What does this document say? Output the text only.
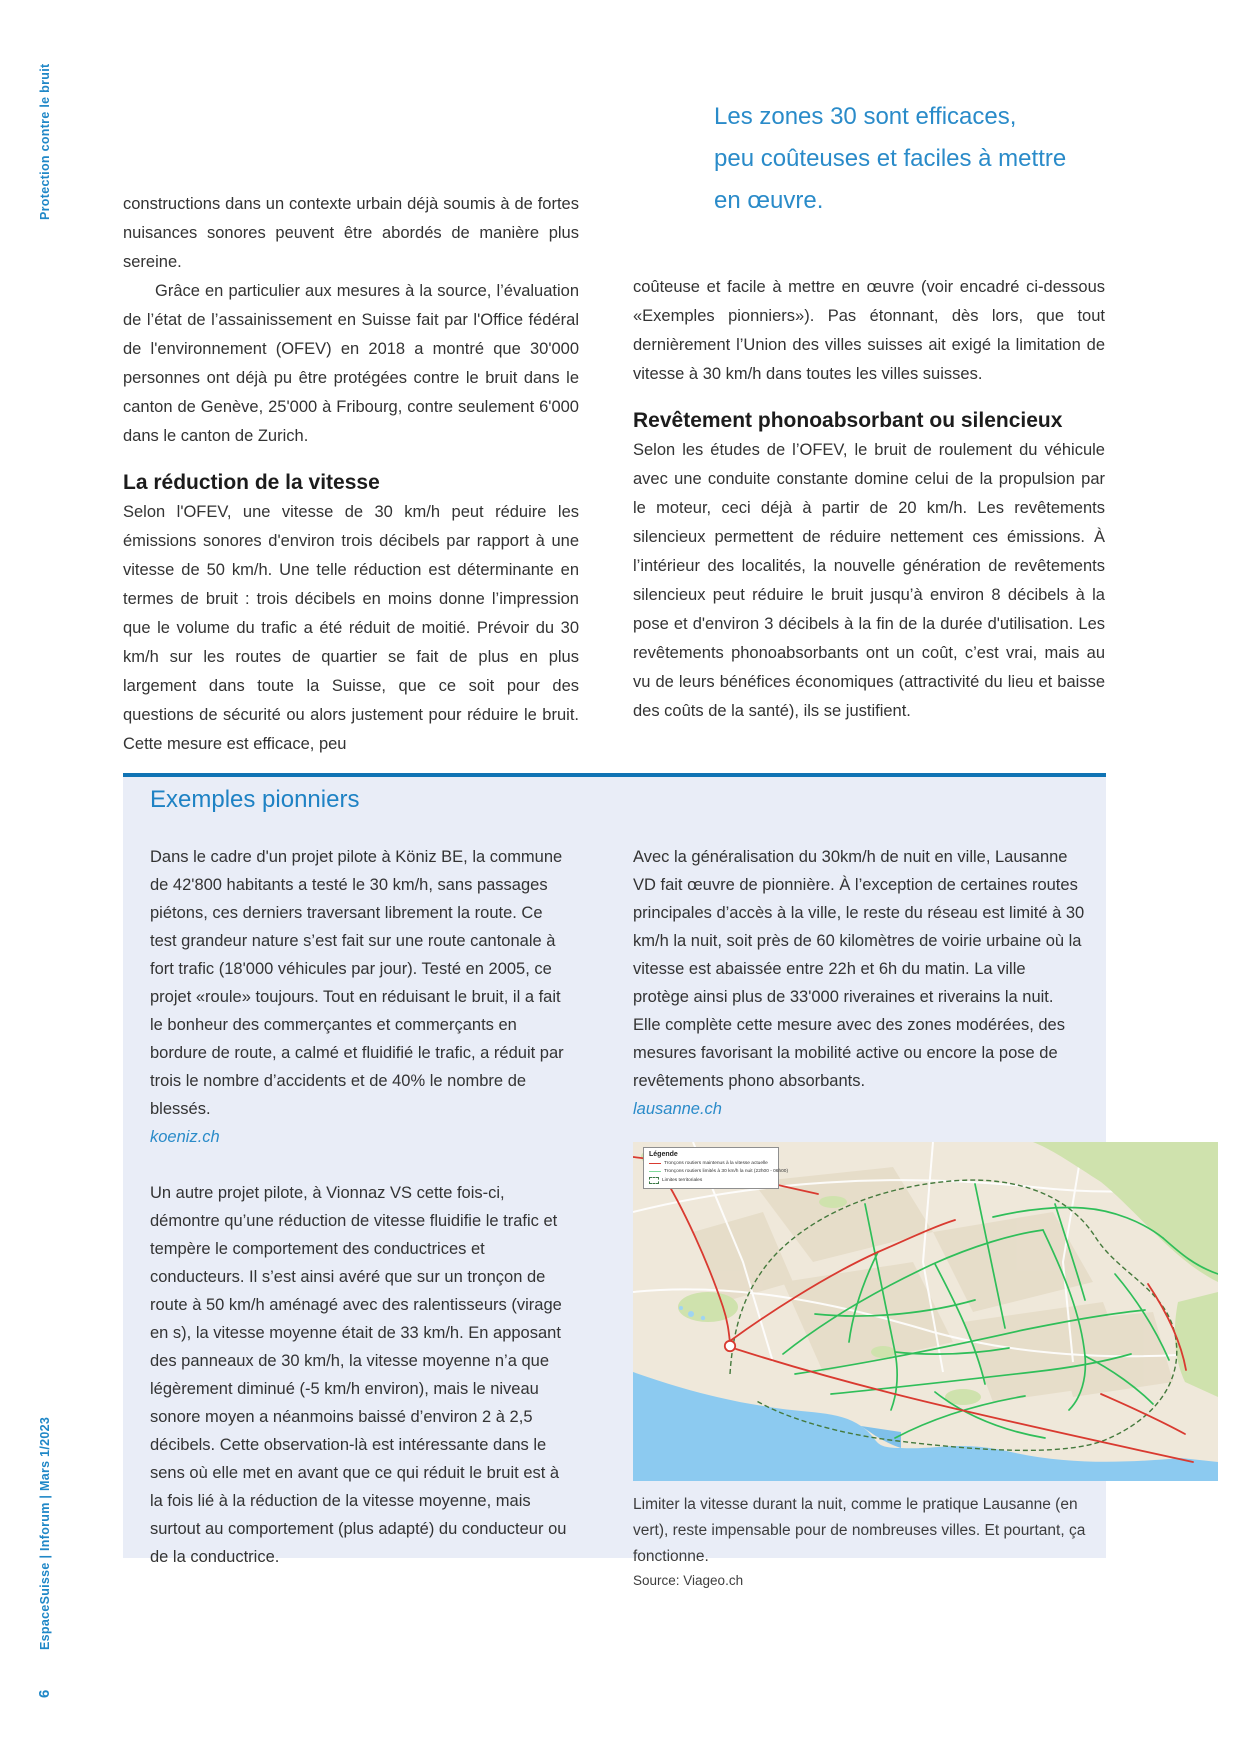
Protection contre le bruit
EspaceSuisse | Inforum | Mars 1/2023
6
Les zones 30 sont efficaces,
peu coûteuses et faciles à mettre
en œuvre.

constructions dans un contexte urbain déjà soumis à de fortes nuisances sonores peuvent être abordés de manière plus sereine.

Grâce en particulier aux mesures à la source, l’évaluation de l’état de l’assainissement en Suisse fait par l'Office fédéral de l'environnement (OFEV) en 2018 a montré que 30'000 personnes ont déjà pu être protégées contre le bruit dans le canton de Genève, 25'000 à Fribourg, contre seulement 6'000 dans le canton de Zurich.

La réduction de la vitesse

Selon l'OFEV, une vitesse de 30 km/h peut réduire les émissions sonores d'environ trois décibels par rapport à une vitesse de 50 km/h. Une telle réduction est déterminante en termes de bruit : trois décibels en moins donne l’impression que le volume du trafic a été réduit de moitié. Prévoir du 30 km/h sur les routes de quartier se fait de plus en plus largement dans toute la Suisse, que ce soit pour des questions de sécurité ou alors justement pour réduire le bruit. Cette mesure est efficace, peu

coûteuse et facile à mettre en œuvre (voir encadré ci-dessous «Exemples pionniers»). Pas étonnant, dès lors, que tout dernièrement l’Union des villes suisses ait exigé la limitation de vitesse à 30 km/h dans toutes les villes suisses.

Revêtement phonoabsorbant ou silencieux

Selon les études de l’OFEV, le bruit de roulement du véhicule avec une conduite constante domine celui de la propulsion par le moteur, ceci déjà à partir de 20 km/h. Les revêtements silencieux permettent de réduire nettement ces émissions. À l’intérieur des localités, la nouvelle génération de revêtements silencieux peut réduire le bruit jusqu’à environ 8 décibels à la pose et d'environ 3 décibels à la fin de la durée d'utilisation. Les revêtements phonoabsorbants ont un coût, c’est vrai, mais au vu de leurs bénéfices économiques (attractivité du lieu et baisse des coûts de la santé), ils se justifient.

Exemples pionniers

Dans le cadre d'un projet pilote à Köniz BE, la commune de 42'800 habitants a testé le 30 km/h, sans passages piétons, ces derniers traversant librement la route. Ce test grandeur nature s’est fait sur une route cantonale à fort trafic (18'000 véhicules par jour). Testé en 2005, ce projet «roule» toujours. Tout en réduisant le bruit, il a fait le bonheur des commerçantes et commerçants en bordure de route, a calmé et fluidifié le trafic, a réduit par trois le nombre d’accidents et de 40% le nombre de blessés.

koeniz.ch

Un autre projet pilote, à Vionnaz VS cette fois-ci, démontre qu’une réduction de vitesse fluidifie le trafic et tempère le comportement des conductrices et conducteurs. Il s’est ainsi avéré que sur un tronçon de route à 50 km/h aménagé avec des ralentisseurs (virage en s), la vitesse moyenne était de 33 km/h. En apposant des panneaux de 30 km/h, la vitesse moyenne n’a que légèrement diminué (-5 km/h environ), mais le niveau sonore moyen a néanmoins baissé d’environ 2 à 2,5 décibels. Cette observation-là est intéressante dans le sens où elle met en avant que ce qui réduit le bruit est à la fois lié à la réduction de la vitesse moyenne, mais surtout au comportement (plus adapté) du conducteur ou de la conductrice.

Avec la généralisation du 30km/h de nuit en ville, Lausanne VD fait œuvre de pionnière. À l’exception de certaines routes principales d’accès à la ville, le reste du réseau est limité à 30 km/h la nuit, soit près de 60 kilomètres de voirie urbaine où la vitesse est abaissée entre 22h et 6h du matin. La ville protège ainsi plus de 33'000 riveraines et riverains la nuit. Elle complète cette mesure avec des zones modérées, des mesures favorisant la mobilité active ou encore la pose de revêtements phono absorbants.

lausanne.ch
Limiter la vitesse durant la nuit, comme le pratique Lausanne (en vert), reste impensable pour de nombreuses villes. Et pourtant, ça fonctionne.
Source: Viageo.ch
Légende
Tronçons routiers maintenus à la vitesse actuelle
Tronçons routiers limités à 30 km/h la nuit (22h00 - 06h00)
Limites territoriales
